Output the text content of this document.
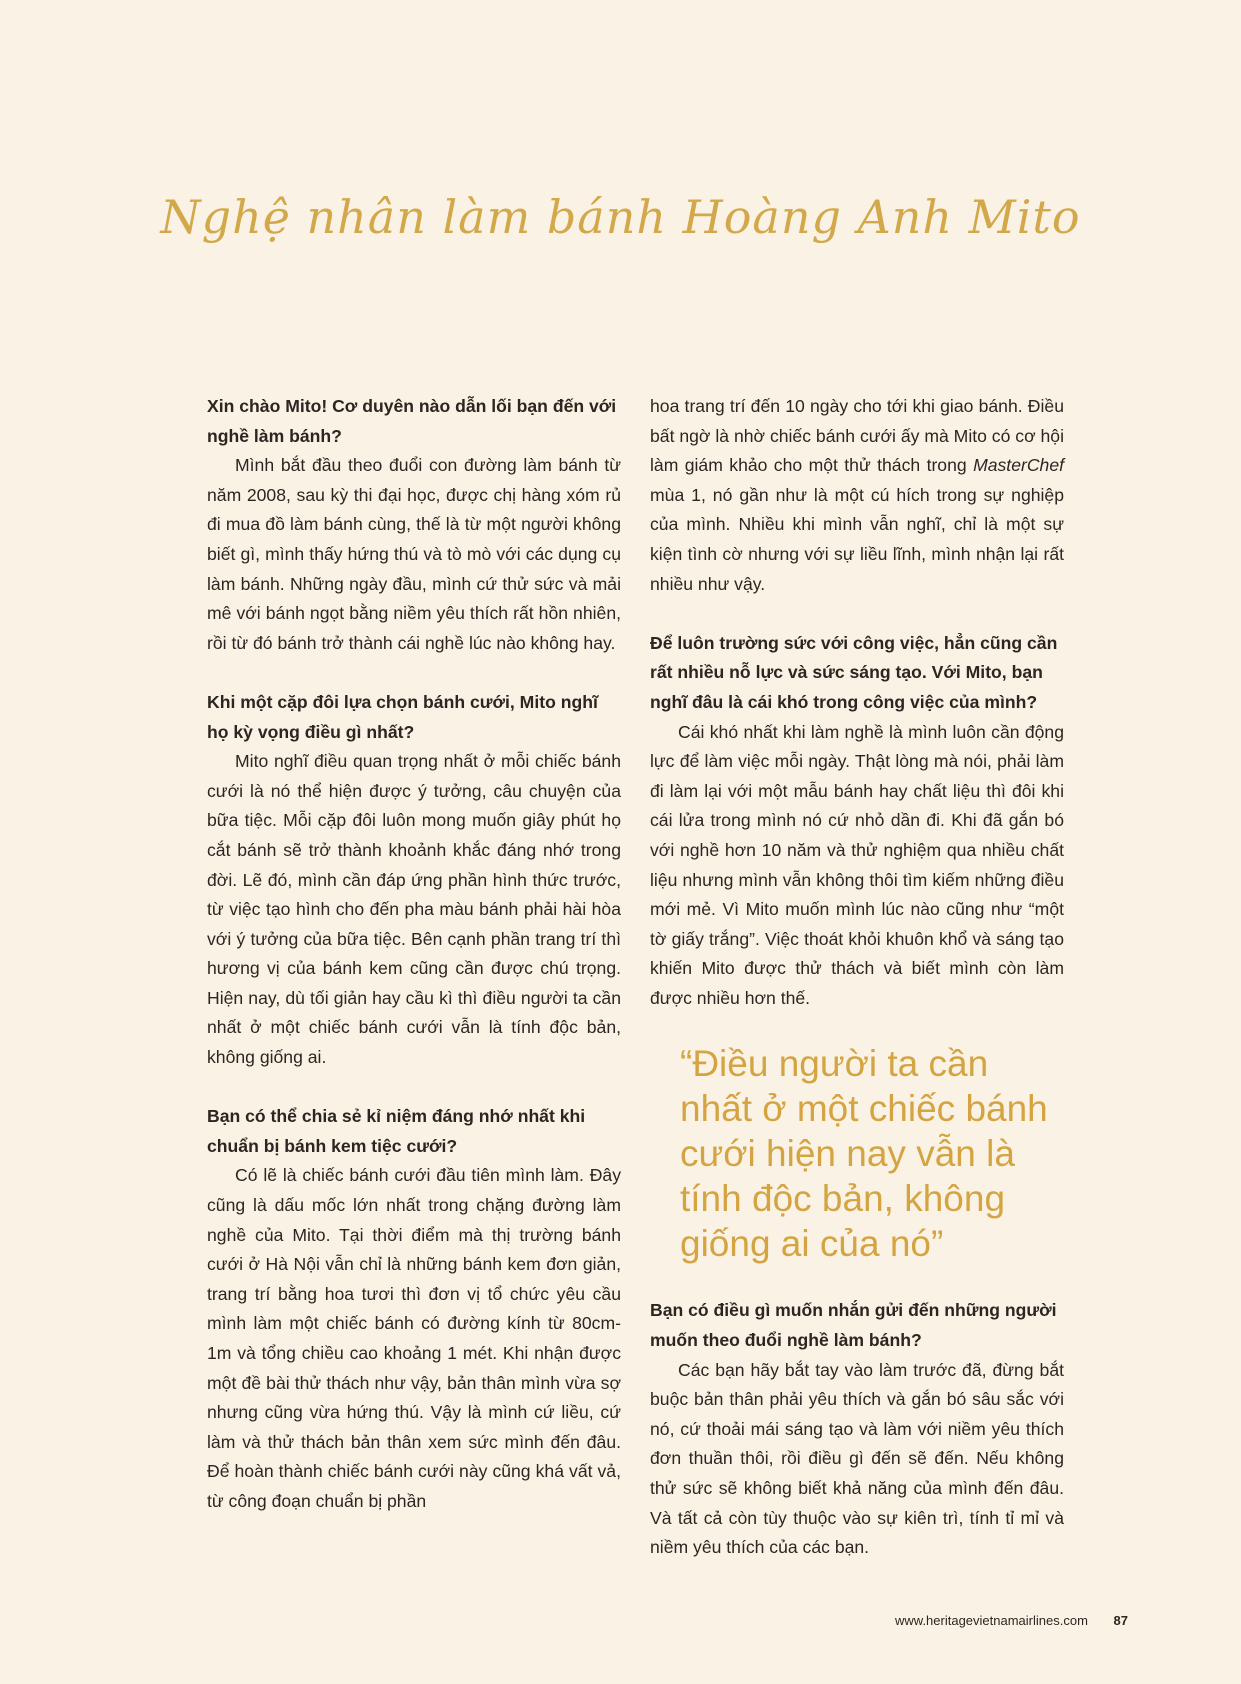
Nghệ nhân làm bánh Hoàng Anh Mito

Xin chào Mito! Cơ duyên nào dẫn lối bạn đến với nghề làm bánh?

Mình bắt đầu theo đuổi con đường làm bánh từ năm 2008, sau kỳ thi đại học, được chị hàng xóm rủ đi mua đồ làm bánh cùng, thế là từ một người không biết gì, mình thấy hứng thú và tò mò với các dụng cụ làm bánh. Những ngày đầu, mình cứ thử sức và mải mê với bánh ngọt bằng niềm yêu thích rất hồn nhiên, rồi từ đó bánh trở thành cái nghề lúc nào không hay.

Khi một cặp đôi lựa chọn bánh cưới, Mito nghĩ họ kỳ vọng điều gì nhất?

Mito nghĩ điều quan trọng nhất ở mỗi chiếc bánh cưới là nó thể hiện được ý tưởng, câu chuyện của bữa tiệc. Mỗi cặp đôi luôn mong muốn giây phút họ cắt bánh sẽ trở thành khoảnh khắc đáng nhớ trong đời. Lẽ đó, mình cần đáp ứng phần hình thức trước, từ việc tạo hình cho đến pha màu bánh phải hài hòa với ý tưởng của bữa tiệc. Bên cạnh phần trang trí thì hương vị của bánh kem cũng cần được chú trọng. Hiện nay, dù tối giản hay cầu kì thì điều người ta cần nhất ở một chiếc bánh cưới vẫn là tính độc bản, không giống ai.

Bạn có thể chia sẻ kỉ niệm đáng nhớ nhất khi chuẩn bị bánh kem tiệc cưới?

Có lẽ là chiếc bánh cưới đầu tiên mình làm. Đây cũng là dấu mốc lớn nhất trong chặng đường làm nghề của Mito. Tại thời điểm mà thị trường bánh cưới ở Hà Nội vẫn chỉ là những bánh kem đơn giản, trang trí bằng hoa tươi thì đơn vị tổ chức yêu cầu mình làm một chiếc bánh có đường kính từ 80cm-1m và tổng chiều cao khoảng 1 mét. Khi nhận được một đề bài thử thách như vậy, bản thân mình vừa sợ nhưng cũng vừa hứng thú. Vậy là mình cứ liều, cứ làm và thử thách bản thân xem sức mình đến đâu. Để hoàn thành chiếc bánh cưới này cũng khá vất vả, từ công đoạn chuẩn bị phần

hoa trang trí đến 10 ngày cho tới khi giao bánh. Điều bất ngờ là nhờ chiếc bánh cưới ấy mà Mito có cơ hội làm giám khảo cho một thử thách trong MasterChef mùa 1, nó gần như là một cú hích trong sự nghiệp của mình. Nhiều khi mình vẫn nghĩ, chỉ là một sự kiện tình cờ nhưng với sự liều lĩnh, mình nhận lại rất nhiều như vậy.

Để luôn trường sức với công việc, hẳn cũng cần rất nhiều nỗ lực và sức sáng tạo. Với Mito, bạn nghĩ đâu là cái khó trong công việc của mình?

Cái khó nhất khi làm nghề là mình luôn cần động lực để làm việc mỗi ngày. Thật lòng mà nói, phải làm đi làm lại với một mẫu bánh hay chất liệu thì đôi khi cái lửa trong mình nó cứ nhỏ dần đi. Khi đã gắn bó với nghề hơn 10 năm và thử nghiệm qua nhiều chất liệu nhưng mình vẫn không thôi tìm kiếm những điều mới mẻ. Vì Mito muốn mình lúc nào cũng như “một tờ giấy trắng”. Việc thoát khỏi khuôn khổ và sáng tạo khiến Mito được thử thách và biết mình còn làm được nhiều hơn thế.

“Điều người ta cần nhất ở một chiếc bánh cưới hiện nay vẫn là tính độc bản, không giống ai của nó”

Bạn có điều gì muốn nhắn gửi đến những người muốn theo đuổi nghề làm bánh?

Các bạn hãy bắt tay vào làm trước đã, đừng bắt buộc bản thân phải yêu thích và gắn bó sâu sắc với nó, cứ thoải mái sáng tạo và làm với niềm yêu thích đơn thuần thôi, rồi điều gì đến sẽ đến. Nếu không thử sức sẽ không biết khả năng của mình đến đâu. Và tất cả còn tùy thuộc vào sự kiên trì, tính tỉ mỉ và niềm yêu thích của các bạn.

www.heritagevietnamairlines.com 87
